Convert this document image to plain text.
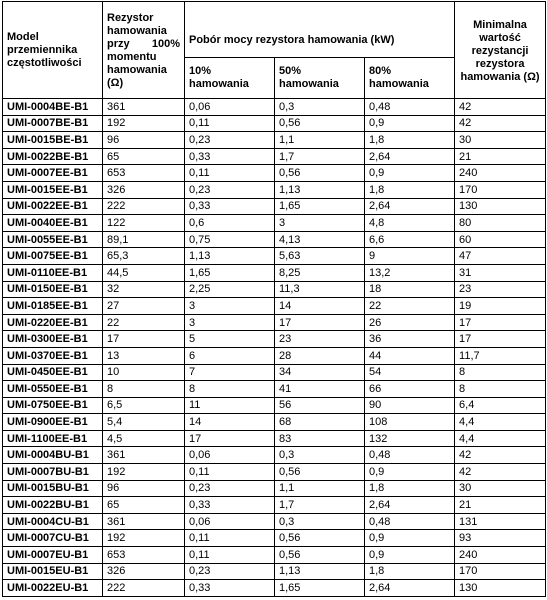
Model przemiennika częstotliwości	Rezystor hamowania przy 100% momentu hamowania (Ω)	Pobór mocy rezystora hamowania (kW)			Minimalna wartość rezystancji rezystora hamowania (Ω)
		10% hamowania	50% hamowania	80% hamowania	
UMI-0004BE-B1	361	0,06	0,3	0,48	42
UMI-0007BE-B1	192	0,11	0,56	0,9	42
UMI-0015BE-B1	96	0,23	1,1	1,8	30
UMI-0022BE-B1	65	0,33	1,7	2,64	21
UMI-0007EE-B1	653	0,11	0,56	0,9	240
UMI-0015EE-B1	326	0,23	1,13	1,8	170
UMI-0022EE-B1	222	0,33	1,65	2,64	130
UMI-0040EE-B1	122	0,6	3	4,8	80
UMI-0055EE-B1	89,1	0,75	4,13	6,6	60
UMI-0075EE-B1	65,3	1,13	5,63	9	47
UMI-0110EE-B1	44,5	1,65	8,25	13,2	31
UMI-0150EE-B1	32	2,25	11,3	18	23
UMI-0185EE-B1	27	3	14	22	19
UMI-0220EE-B1	22	3	17	26	17
UMI-0300EE-B1	17	5	23	36	17
UMI-0370EE-B1	13	6	28	44	11,7
UMI-0450EE-B1	10	7	34	54	8
UMI-0550EE-B1	8	8	41	66	8
UMI-0750EE-B1	6,5	11	56	90	6,4
UMI-0900EE-B1	5,4	14	68	108	4,4
UMI-1100EE-B1	4,5	17	83	132	4,4
UMI-0004BU-B1	361	0,06	0,3	0,48	42
UMI-0007BU-B1	192	0,11	0,56	0,9	42
UMI-0015BU-B1	96	0,23	1,1	1,8	30
UMI-0022BU-B1	65	0,33	1,7	2,64	21
UMI-0004CU-B1	361	0,06	0,3	0,48	131
UMI-0007CU-B1	192	0,11	0,56	0,9	93
UMI-0007EU-B1	653	0,11	0,56	0,9	240
UMI-0015EU-B1	326	0,23	1,13	1,8	170
UMI-0022EU-B1	222	0,33	1,65	2,64	130
